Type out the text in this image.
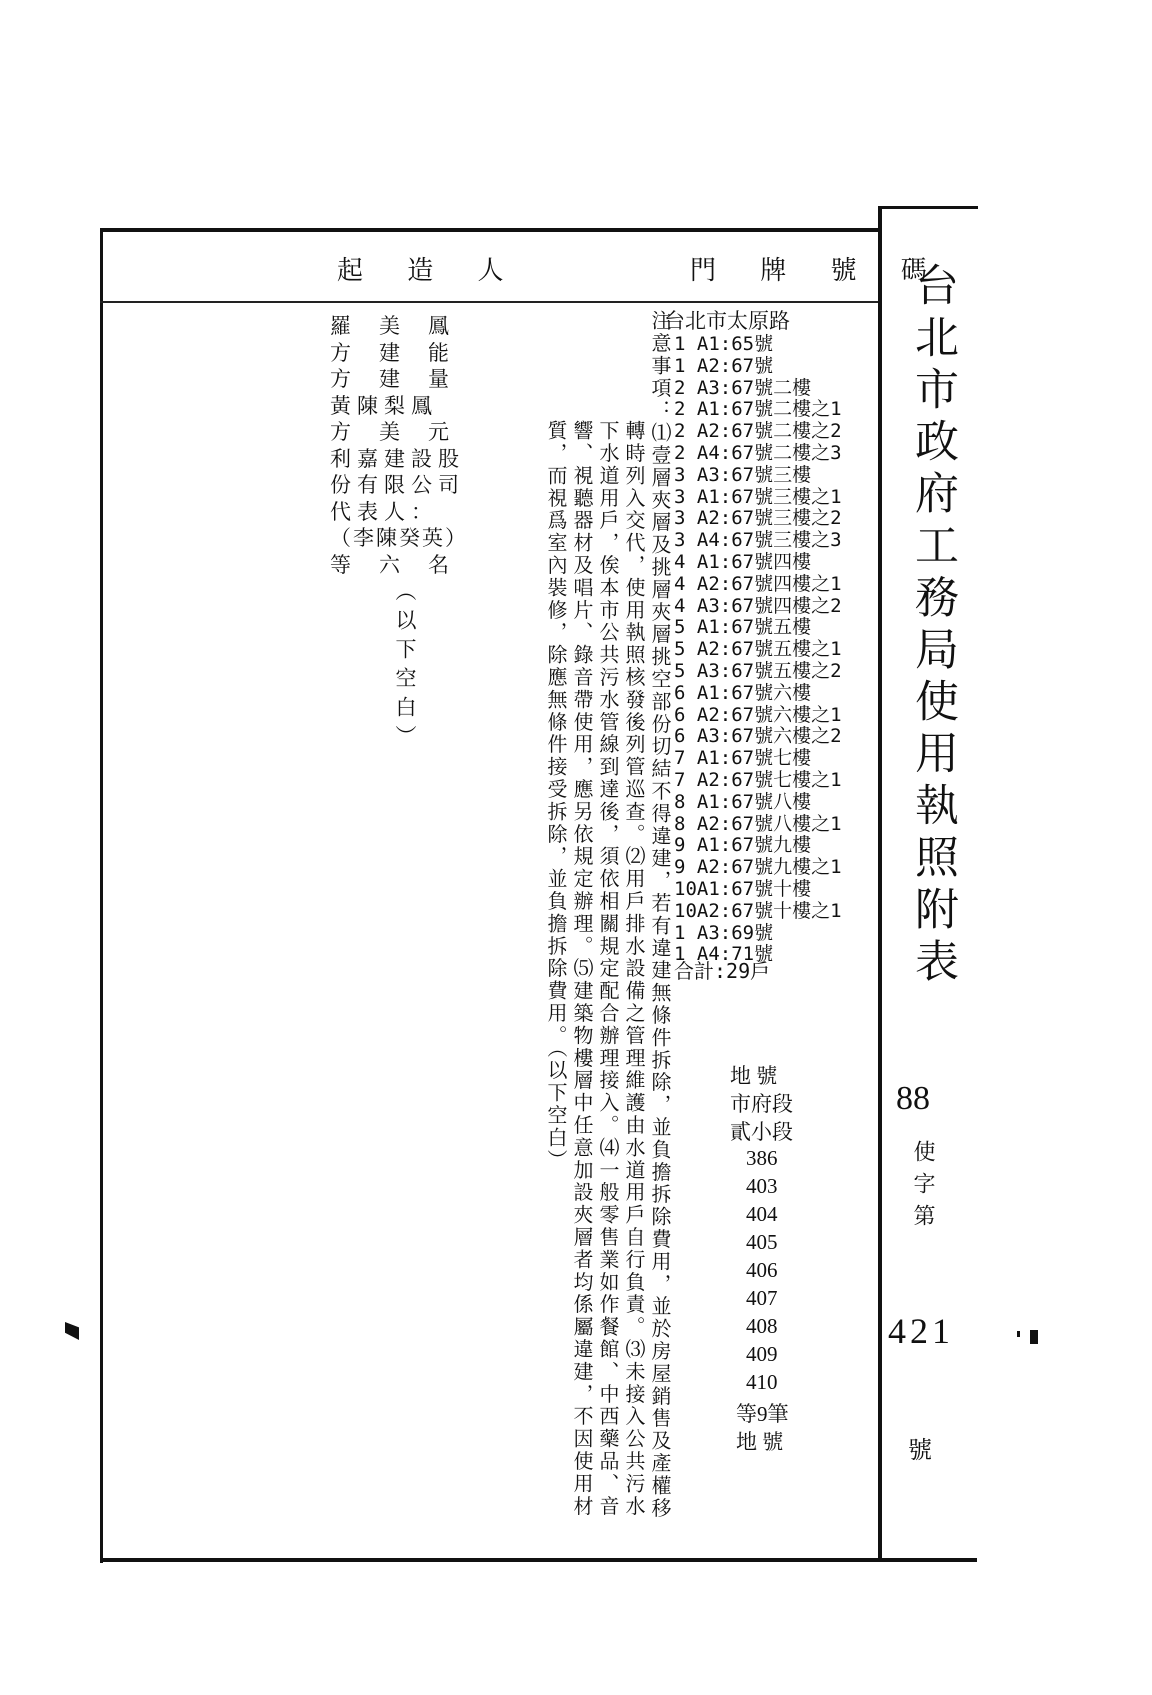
門 牌 號 碼
起 造 人	台北市政府工務局使用執照附表
88
使字第
421
號
台北市太原路
1 A1:65號
1 A2:67號
2 A3:67號二樓
2 A1:67號二樓之1
2 A2:67號二樓之2
2 A4:67號二樓之3
3 A3:67號三樓
3 A1:67號三樓之1
3 A2:67號三樓之2
3 A4:67號三樓之3
4 A1:67號四樓
4 A2:67號四樓之1
4 A3:67號四樓之2
5 A1:67號五樓
5 A2:67號五樓之1
5 A3:67號五樓之2
6 A1:67號六樓
6 A2:67號六樓之1
6 A3:67號六樓之2
7 A1:67號七樓
7 A2:67號七樓之1
8 A1:67號八樓
8 A2:67號八樓之1
9 A1:67號九樓
9 A2:67號九樓之1
10A1:67號十樓
10A2:67號十樓之1
1 A3:69號
1 A4:71號
合計:29戶
注意事項：⑴壹層夾層及挑層夾層挑空部份切結不得違建，若有違建無條件拆除，並負擔拆除費用，並於房屋銷售及產權移
轉時列入交代，使用執照核發後列管巡查。⑵用戶排水設備之管理維護由水道用戶自行負責。⑶未接入公共污水
下水道用戶，俟本市公共污水管線到達後，須依相關規定配合辦理接入。⑷一般零售業如作餐館、中西藥品、音
響、視聽器材及唱片、錄音帶使用，應另依規定辦理。⑸建築物樓層中任意加設夾層者均係屬違建，不因使用材
質，而視爲室內裝修，除應無條件接受拆除，並負擔拆除費用。（以下空白）
羅美鳳
方建能
方建量
黃陳梨鳳
方美元
利嘉建設股
份有限公司
代表人：
（李陳癸英）
等六名
（以下空白）
地 號
市府段
貳小段
386
403
404
405
406
407
408
409
410
等9筆
地 號
